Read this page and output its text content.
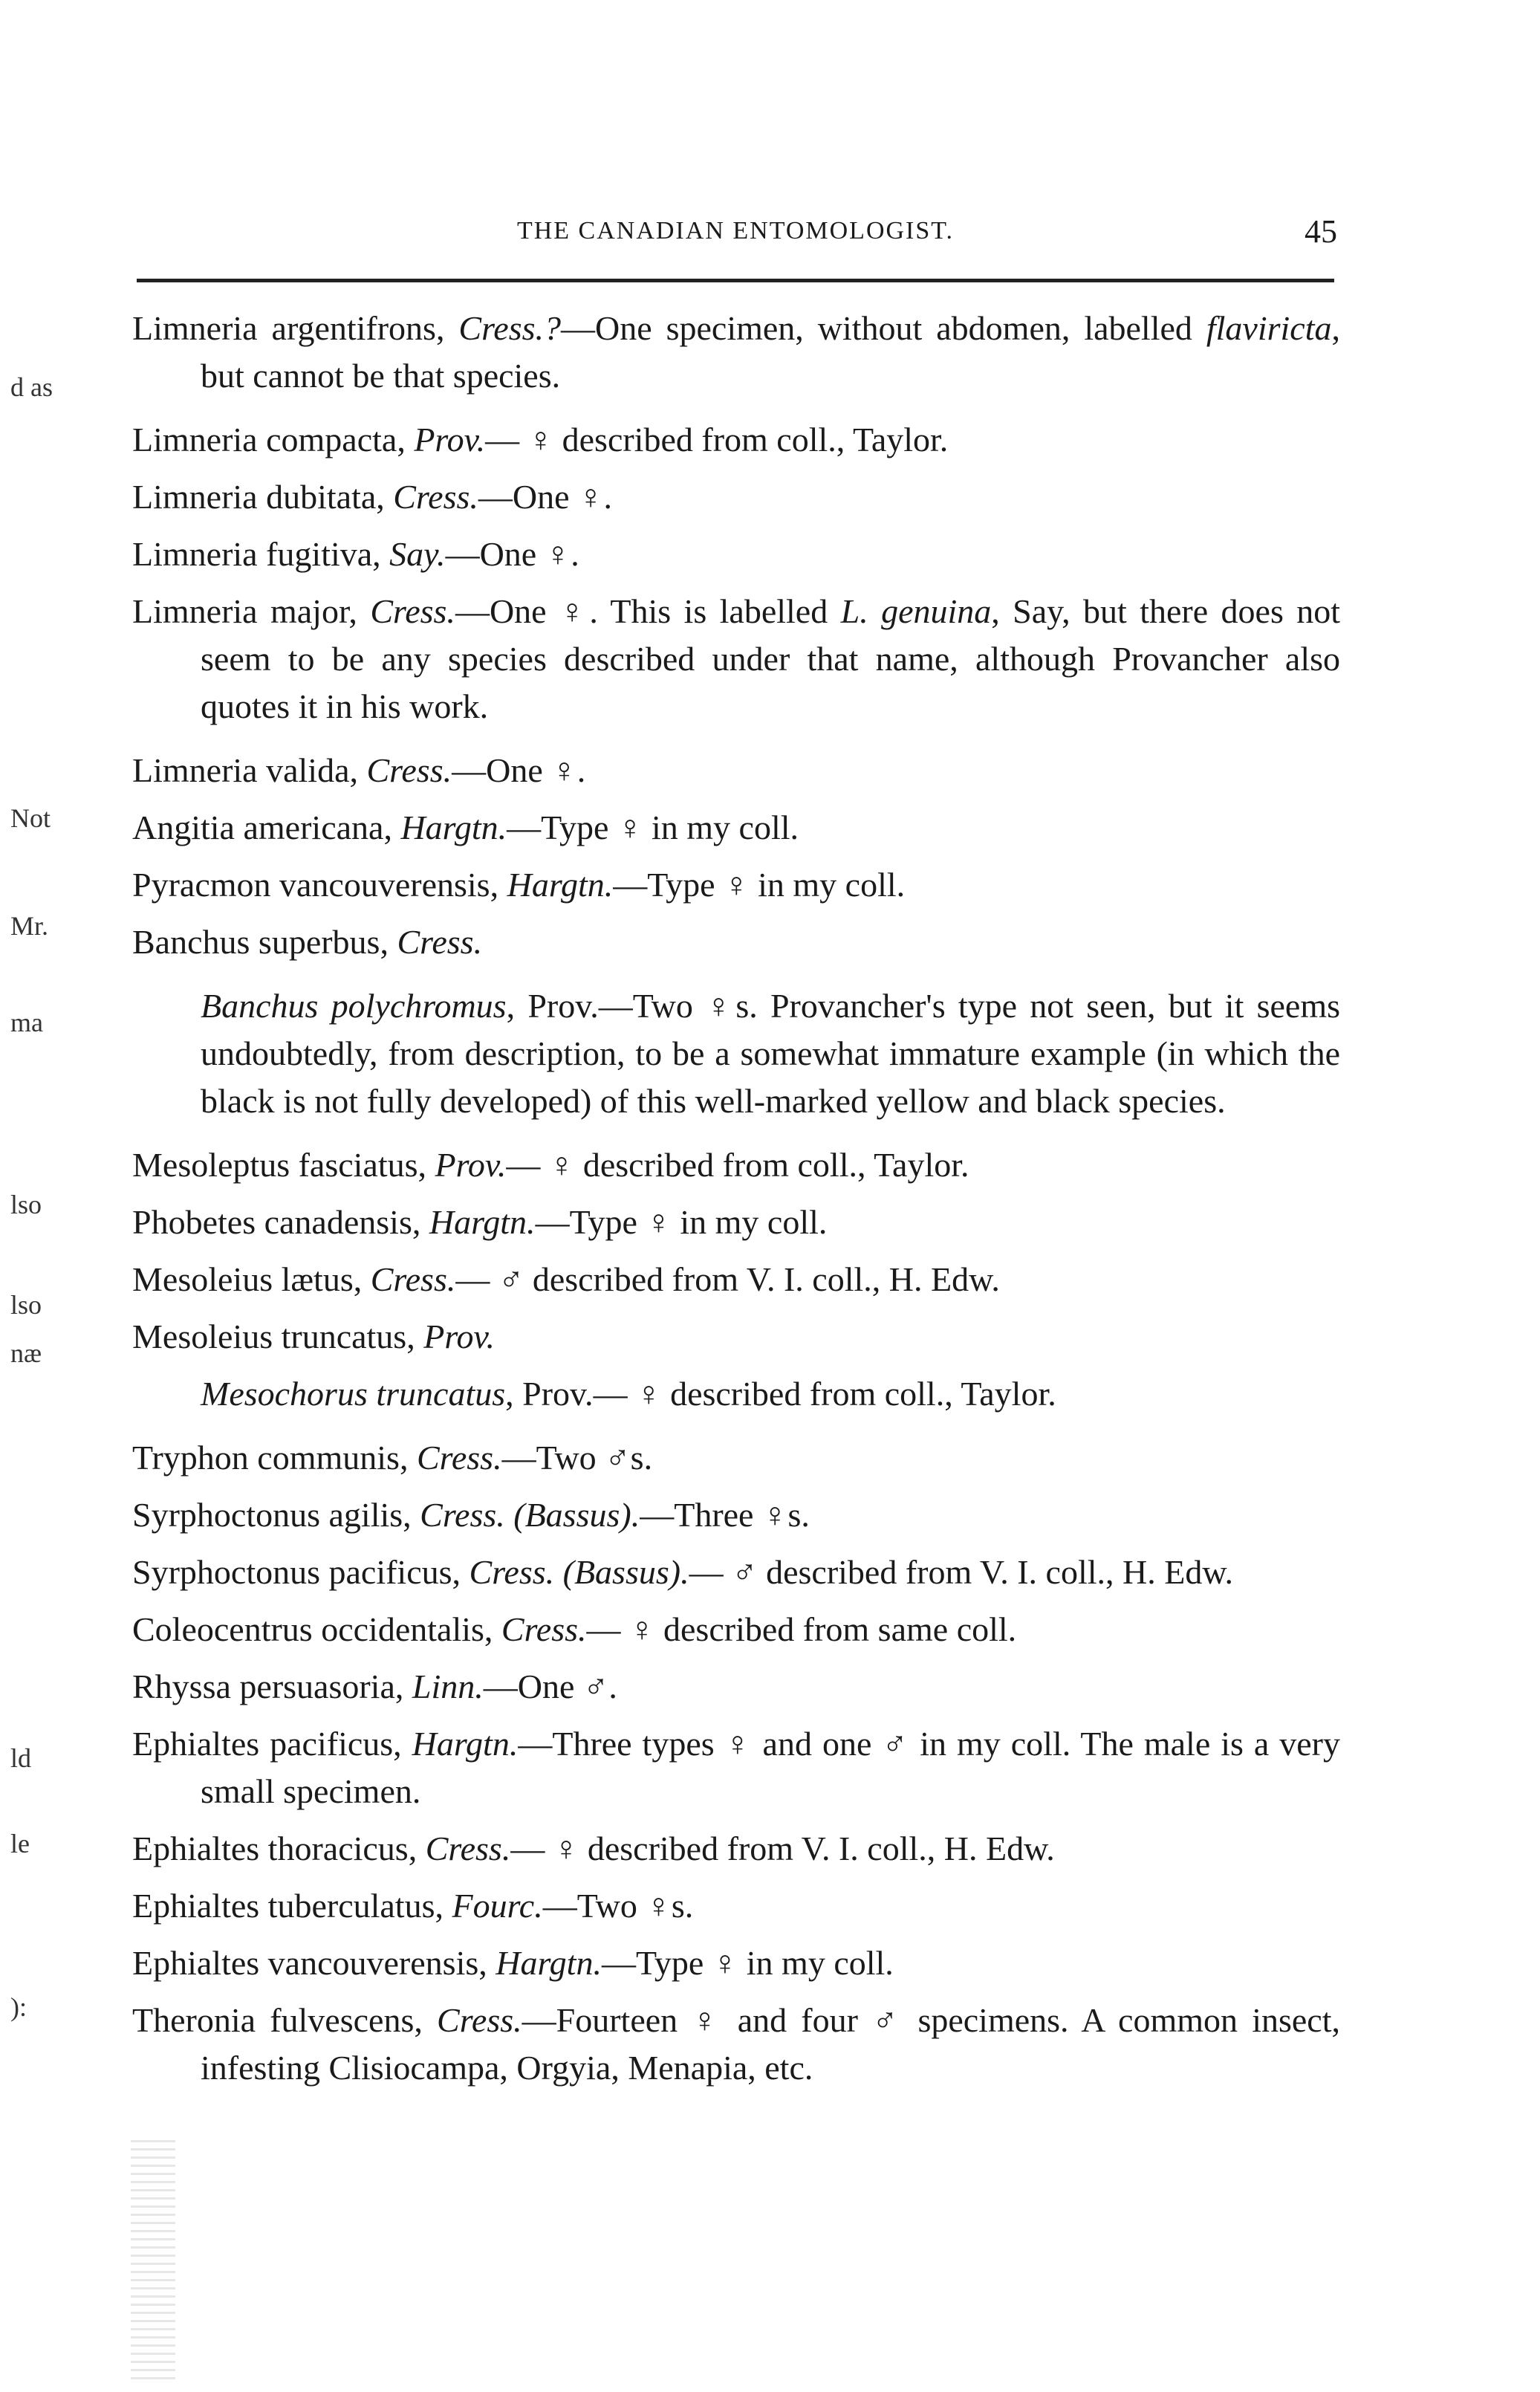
THE CANADIAN ENTOMOLOGIST.	45
d as
Not
Mr.
ma
lso
lso
næ
ld
le
):

Limneria argentifrons, Cress.?—One specimen, without abdomen, labelled flaviricta, but cannot be that species.

Limneria compacta, Prov.— ♀ described from coll., Taylor.

Limneria dubitata, Cress.—One ♀.

Limneria fugitiva, Say.—One ♀.

Limneria major, Cress.—One ♀. This is labelled L. genuina, Say, but there does not seem to be any species described under that name, although Provancher also quotes it in his work.

Limneria valida, Cress.—One ♀.

Angitia americana, Hargtn.—Type ♀ in my coll.

Pyracmon vancouverensis, Hargtn.—Type ♀ in my coll.

Banchus superbus, Cress.

Banchus polychromus, Prov.—Two ♀s. Provancher's type not seen, but it seems undoubtedly, from description, to be a somewhat immature example (in which the black is not fully developed) of this well-marked yellow and black species.

Mesoleptus fasciatus, Prov.— ♀ described from coll., Taylor.

Phobetes canadensis, Hargtn.—Type ♀ in my coll.

Mesoleius lætus, Cress.— ♂ described from V. I. coll., H. Edw.

Mesoleius truncatus, Prov.

Mesochorus truncatus, Prov.— ♀ described from coll., Taylor.

Tryphon communis, Cress.—Two ♂s.

Syrphoctonus agilis, Cress. (Bassus).—Three ♀s.

Syrphoctonus pacificus, Cress. (Bassus).— ♂ described from V. I. coll., H. Edw.

Coleocentrus occidentalis, Cress.— ♀ described from same coll.

Rhyssa persuasoria, Linn.—One ♂.

Ephialtes pacificus, Hargtn.—Three types ♀ and one ♂ in my coll. The male is a very small specimen.

Ephialtes thoracicus, Cress.— ♀ described from V. I. coll., H. Edw.

Ephialtes tuberculatus, Fourc.—Two ♀s.

Ephialtes vancouverensis, Hargtn.—Type ♀ in my coll.

Theronia fulvescens, Cress.—Fourteen ♀ and four ♂ specimens. A common insect, infesting Clisiocampa, Orgyia, Menapia, etc.
